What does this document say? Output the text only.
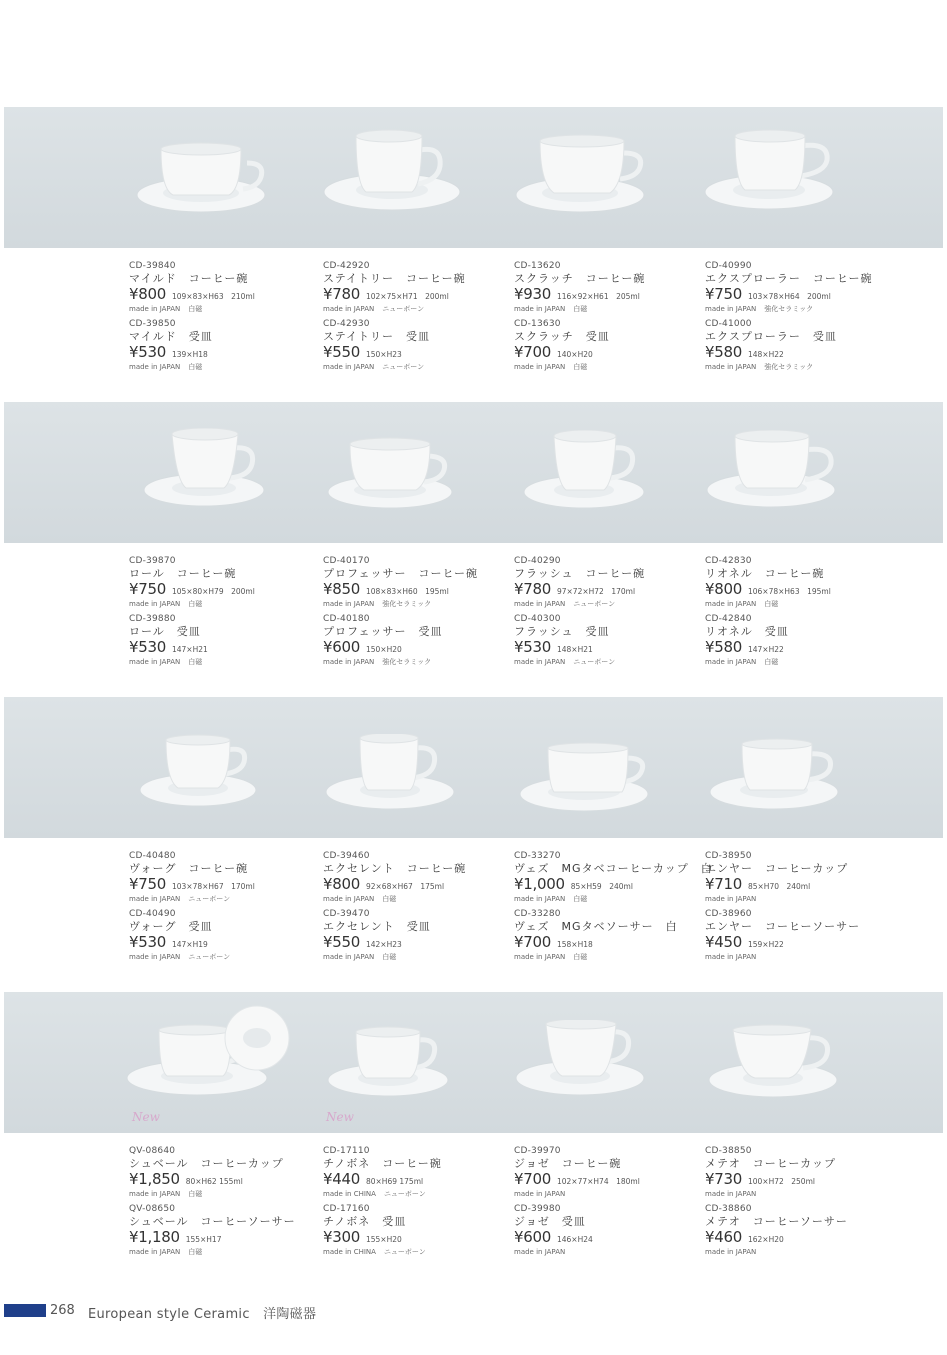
New	New
CD-39840
マイルド　コーヒー碗
¥800 109×83×H63　210ml
made in JAPAN 白磁
CD-39850
マイルド　受皿
¥530 139×H18
made in JAPAN 白磁
CD-42920
ステイトリー　コーヒー碗
¥780 102×75×H71　200ml
made in JAPAN ニューボーン
CD-42930
ステイトリー　受皿
¥550 150×H23
made in JAPAN ニューボーン
CD-13620
スクラッチ　コーヒー碗
¥930 116×92×H61　205ml
made in JAPAN 白磁
CD-13630
スクラッチ　受皿
¥700 140×H20
made in JAPAN 白磁
CD-40990
エクスプローラー　コーヒー碗
¥750 103×78×H64　200ml
made in JAPAN 強化セラミック
CD-41000
エクスプローラー　受皿
¥580 148×H22
made in JAPAN 強化セラミック
CD-39870
ロール　コーヒー碗
¥750 105×80×H79　200ml
made in JAPAN 白磁
CD-39880
ロール　受皿
¥530 147×H21
made in JAPAN 白磁
CD-40170
プロフェッサー　コーヒー碗
¥850 108×83×H60　195ml
made in JAPAN 強化セラミック
CD-40180
プロフェッサー　受皿
¥600 150×H20
made in JAPAN 強化セラミック
CD-40290
フラッシュ　コーヒー碗
¥780 97×72×H72　170ml
made in JAPAN ニューボーン
CD-40300
フラッシュ　受皿
¥530 148×H21
made in JAPAN ニューボーン
CD-42830
リオネル　コーヒー碗
¥800 106×78×H63　195ml
made in JAPAN 白磁
CD-42840
リオネル　受皿
¥580 147×H22
made in JAPAN 白磁
CD-40480
ヴォーグ　コーヒー碗
¥750 103×78×H67　170ml
made in JAPAN ニューボーン
CD-40490
ヴォーグ　受皿
¥530 147×H19
made in JAPAN ニューボーン
CD-39460
エクセレント　コーヒー碗
¥800 92×68×H67　175ml
made in JAPAN 白磁
CD-39470
エクセレント　受皿
¥550 142×H23
made in JAPAN 白磁
CD-33270
ヴェズ　MGタベコーヒーカップ　白
¥1,000 85×H59　240ml
made in JAPAN 白磁
CD-33280
ヴェズ　MGタベソーサー　白
¥700 158×H18
made in JAPAN 白磁
CD-38950
エンヤー　コーヒーカップ
¥710 85×H70　240ml
made in JAPAN
CD-38960
エンヤー　コーヒーソーサー
¥450 159×H22
made in JAPAN
QV-08640
シュベール　コーヒーカップ
¥1,850 80×H62 155ml
made in JAPAN 白磁
QV-08650
シュベール　コーヒーソーサー
¥1,180 155×H17
made in JAPAN 白磁
CD-17110
チノボネ　コーヒー碗
¥440 80×H69 175ml
made in CHINA ニューボーン
CD-17160
チノボネ　受皿
¥300 155×H20
made in CHINA ニューボーン
CD-39970
ジョゼ　コーヒー碗
¥700 102×77×H74　180ml
made in JAPAN
CD-39980
ジョゼ　受皿
¥600 146×H24
made in JAPAN
CD-38850
メテオ　コーヒーカップ
¥730 100×H72　250ml
made in JAPAN
CD-38860
メテオ　コーヒーソーサー
¥460 162×H20
made in JAPAN
268 European style Ceramic　洋陶磁器
